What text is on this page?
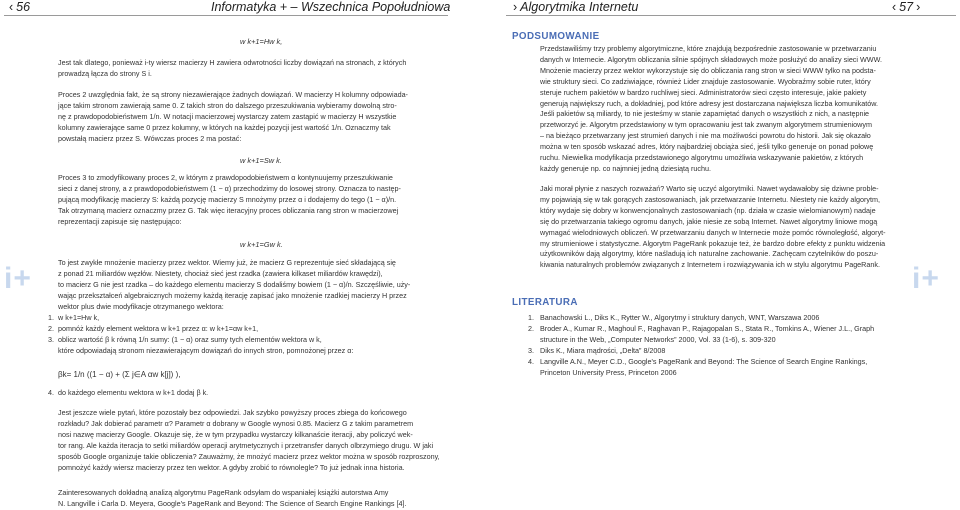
‹ 56	Informatyka + – Wszechnica Popołudniowa	› Algorytmika Internetu	‹ 57 ›
i+	i+
w k+1=Hw k,
Jest tak dlatego, ponieważ i-ty wiersz macierzy H zawiera odwrotności liczby dowiązań na stronach, z których
prowadzą łącza do strony S i.
Proces 2 uwzględnia fakt, że są strony niezawierające żadnych dowiązań. W macierzy H kolumny odpowiada-
jące takim stronom zawierają same 0. Z takich stron do dalszego przeszukiwania wybieramy dowolną stro-
nę z prawdopodobieństwem 1/n. W notacji macierzowej wystarczy zatem zastąpić w macierzy H wszystkie
kolumny zawierające same 0 przez kolumny, w których na każdej pozycji jest wartość 1/n. Oznaczmy tak
powstałą macierz przez S. Wówczas proces 2 ma postać:
w k+1=Sw k.
Proces 3 to zmodyfikowany proces 2, w którym z prawdopodobieństwem α kontynuujemy przeszukiwanie
sieci z danej strony, a z prawdopodobieństwem (1 − α) przechodzimy do losowej strony. Oznacza to następ-
pującą modyfikację macierzy S: każdą pozycję macierzy S mnożymy przez α i dodajemy do tego (1 − α)/n.
Tak otrzymaną macierz oznaczmy przez G. Tak więc iteracyjny proces obliczania rang stron w macierzowej
reprezentacji zapisuje się następująco:
w k+1=Gw k.
To jest zwykłe mnożenie macierzy przez wektor. Wiemy już, że macierz G reprezentuje sieć składającą się
z ponad 21 miliardów węzłów. Niestety, chociaż sieć jest rzadka (zawiera kilkaset miliardów krawędzi),
to macierz G nie jest rzadka – do każdego elementu macierzy S dodaliśmy bowiem (1 − α)/n. Szczęśliwie, uży-
wając przekształceń algebraicznych możemy każdą iterację zapisać jako mnożenie rzadkiej macierzy H przez
wektor plus dwie modyfikacje otrzymanego wektora:
1. w k+1=Hw k,
2. pomnóż każdy element wektora w k+1 przez α: w k+1=αw k+1,
3. oblicz wartość β k równą 1/n sumy: (1 − α) oraz sumy tych elementów wektora w k,
które odpowiadają stronom niezawierającym dowiązań do innych stron, pomnożonej przez α:
βk= 1/n ((1 − α) + (Σ j∈A αw k[j]) ),
4. do każdego elementu wektora w k+1 dodaj β k.
Jest jeszcze wiele pytań, które pozostały bez odpowiedzi. Jak szybko powyższy proces zbiega do końcowego
rozkładu? Jak dobierać parametr α? Parametr α dobrany w Google wynosi 0.85. Macierz G z takim parametrem
nosi nazwę macierzy Google. Okazuje się, że w tym przypadku wystarczy kilkanaście iteracji, aby policzyć wek-
tor rang. Ale każda iteracja to setki miliardów operacji arytmetycznych i przetransfer danych olbrzymiego drugu. W jaki
sposób Google organizuje takie obliczenia? Zauważmy, że mnożyć macierz przez wektor można w sposób rozproszony,
pomnożyć każdy wiersz macierzy przez ten wektor. A gdyby zrobić to równolegle? To już jednak inna historia.
Zainteresowanych dokładną analizą algorytmu PageRank odsyłam do wspaniałej książki autorstwa Amy
N. Langville i Carla D. Meyera, Google's PageRank and Beyond: The Science of Search Engine Rankings [4].
PODSUMOWANIE
Przedstawiliśmy trzy problemy algorytmiczne, które znajdują bezpośrednie zastosowanie w przetwarzaniu
danych w Internecie. Algorytm obliczania silnie spójnych składowych może posłużyć do analizy sieci WWW.
Mnożenie macierzy przez wektor wykorzystuje się do obliczania rang stron w sieci WWW tylko na podsta-
wie struktury sieci. Co zadziwiające, również Lider znajduje zastosowanie. Wyobraźmy sobie ruter, który
steruje ruchem pakietów w bardzo ruchliwej sieci. Administratorów sieci często interesuje, jakie pakiety
generują największy ruch, a dokładniej, pod które adresy jest dostarczana największa liczba komunikatów.
Jeśli pakietów są miliardy, to nie jesteśmy w stanie zapamiętać danych o wszystkich z nich, a następnie
przetworzyć je. Algorytm przedstawiony w tym opracowaniu jest tak zwanym algorytmem strumieniowym
– na bieżąco przetwarzany jest strumień danych i nie ma możliwości powrotu do historii. Jak się okazało
można w ten sposób wskazać adres, który najbardziej obciąża sieć, jeśli tylko generuje on ponad połowę
ruchu. Niewielka modyfikacja przedstawionego algorytmu umożliwia wskazywanie pakietów, z których
każdy generuje np. co najmniej jedną dziesiątą ruchu.
Jaki morał płynie z naszych rozważań? Warto się uczyć algorytmiki. Nawet wydawałoby się dziwne proble-
my pojawiają się w tak gorących zastosowaniach, jak przetwarzanie Internetu. Niestety nie każdy algorytm,
który wydaje się dobry w konwencjonalnych zastosowaniach (np. działa w czasie wielomianowym) nadaje
się do przetwarzania takiego ogromu danych, jakie niesie ze sobą Internet. Nawet algorytmy liniowe mogą
wymagać wielodniowych obliczeń. W przetwarzaniu danych w Internecie może pomóc równoległość, algoryt-
my strumieniowe i statystyczne. Algorytm PageRank pokazuje też, że bardzo dobre efekty z punktu widzenia
użytkowników dają algorytmy, które naśladują ich naturalne zachowanie. Zachęcam czytelników do poszu-
kiwania naturalnych problemów związanych z Internetem i rozwiązywania ich w stylu algorytmu PageRank.
LITERATURA
1. Banachowski L., Diks K., Rytter W., Algorytmy i struktury danych, WNT, Warszawa 2006
2. Broder A., Kumar R., Maghoul F., Raghavan P., Rajagopalan S., Stata R., Tomkins A., Wiener J.L., Graph
structure in the Web, „Computer Networks” 2000, Vol. 33 (1-6), s. 309-320
3. Diks K., Miara mądrości, „Delta” 8/2008
4. Langville A.N., Meyer C.D., Google's PageRank and Beyond: The Science of Search Engine Rankings,
Princeton University Press, Princeton 2006
